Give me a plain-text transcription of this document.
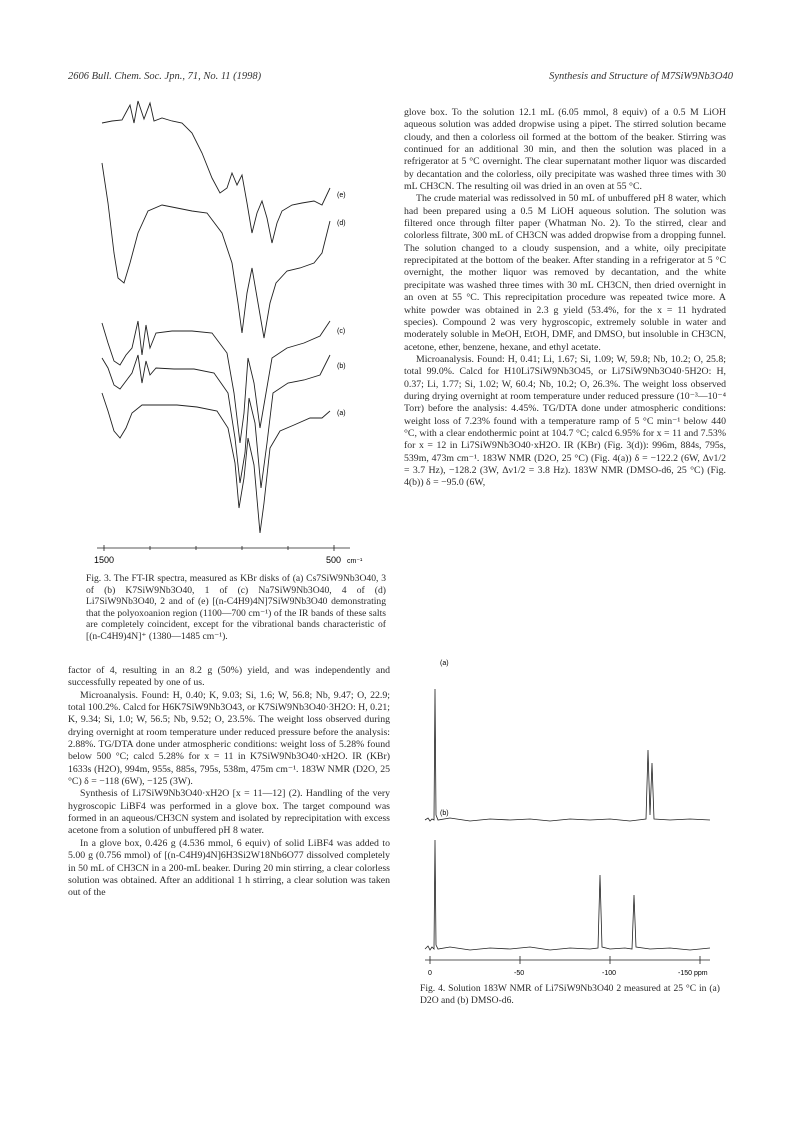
2606 Bull. Chem. Soc. Jpn., 71, No. 11 (1998)	Synthesis and Structure of M7SiW9Nb3O40
(e)
(d)
(c)
(b)
(a)
1500	500 cm⁻¹
Fig. 3. The FT-IR spectra, measured as KBr disks of (a) Cs7SiW9Nb3O40, 3 of (b) K7SiW9Nb3O40, 1 of (c) Na7SiW9Nb3O40, 4 of (d) Li7SiW9Nb3O40, 2 and of (e) [(n-C4H9)4N]7SiW9Nb3O40 demonstrating that the polyoxoanion region (1100—700 cm⁻¹) of the IR bands of these salts are completely coincident, except for the vibrational bands characteristic of [(n-C4H9)4N]⁺ (1380—1485 cm⁻¹).

factor of 4, resulting in an 8.2 g (50%) yield, and was independently and successfully repeated by one of us.

Microanalysis. Found: H, 0.40; K, 9.03; Si, 1.6; W, 56.8; Nb, 9.47; O, 22.9; total 100.2%. Calcd for H6K7SiW9Nb3O43, or K7SiW9Nb3O40·3H2O: H, 0.21; K, 9.34; Si, 1.0; W, 56.5; Nb, 9.52; O, 23.5%. The weight loss observed during drying overnight at room temperature under reduced pressure before the analysis: 2.88%. TG/DTA done under atmospheric conditions: weight loss of 5.28% found below 500 °C; calcd 5.28% for x = 11 in K7SiW9Nb3O40·xH2O. IR (KBr) 1633s (H2O), 994m, 955s, 885s, 795s, 538m, 475m cm⁻¹. 183W NMR (D2O, 25 °C) δ = −118 (6W), −125 (3W).

Synthesis of Li7SiW9Nb3O40·xH2O [x = 11—12] (2). Handling of the very hygroscopic LiBF4 was performed in a glove box. The target compound was formed in an aqueous/CH3CN system and isolated by reprecipitation with excess acetone from a solution of unbuffered pH 8 water.

In a glove box, 0.426 g (4.536 mmol, 6 equiv) of solid LiBF4 was added to 5.00 g (0.756 mmol) of [(n-C4H9)4N]6H3Si2W18Nb6O77 dissolved completely in 50 mL of CH3CN in a 200-mL beaker. During 20 min stirring, a clear colorless solution was obtained. After an additional 1 h stirring, a clear solution was taken out of the

glove box. To the solution 12.1 mL (6.05 mmol, 8 equiv) of a 0.5 M LiOH aqueous solution was added dropwise using a pipet. The stirred solution became cloudy, and then a colorless oil formed at the bottom of the beaker. Stirring was continued for an additional 30 min, and then the solution was placed in a refrigerator at 5 °C overnight. The clear supernatant mother liquor was discarded by decantation and the colorless, oily precipitate was washed three times with 30 mL CH3CN. The resulting oil was dried in an oven at 55 °C.

The crude material was redissolved in 50 mL of unbuffered pH 8 water, which had been prepared using a 0.5 M LiOH aqueous solution. The solution was filtered once through filter paper (Whatman No. 2). To the stirred, clear and colorless filtrate, 300 mL of CH3CN was added dropwise from a dropping funnel. The solution changed to a cloudy suspension, and a white, oily precipitate reprecipitated at the bottom of the beaker. After standing in a refrigerator at 5 °C overnight, the mother liquor was removed by decantation, and the white precipitate was washed three times with 30 mL CH3CN, then dried overnight in an oven at 55 °C. This reprecipitation procedure was repeated twice more. A white powder was obtained in 2.3 g yield (53.4%, for the x = 11 hydrated species). Compound 2 was very hygroscopic, extremely soluble in water and moderately soluble in MeOH, EtOH, DMF, and DMSO, but insoluble in CH3CN, acetone, ether, benzene, hexane, and ethyl acetate.

Microanalysis. Found: H, 0.41; Li, 1.67; Si, 1.09; W, 59.8; Nb, 10.2; O, 25.8; total 99.0%. Calcd for H10Li7SiW9Nb3O45, or Li7SiW9Nb3O40·5H2O: H, 0.37; Li, 1.77; Si, 1.02; W, 60.4; Nb, 10.2; O, 26.3%. The weight loss observed during drying overnight at room temperature under reduced pressure (10⁻³—10⁻⁴ Torr) before the analysis: 4.45%. TG/DTA done under atmospheric conditions: weight loss of 7.23% found with a temperature ramp of 5 °C min⁻¹ below 440 °C, with a clear endothermic point at 104.7 °C; calcd 6.95% for x = 11 and 7.53% for x = 12 in Li7SiW9Nb3O40·xH2O. IR (KBr) (Fig. 3(d)): 996m, 884s, 795s, 539m, 473m cm⁻¹. 183W NMR (D2O, 25 °C) (Fig. 4(a)) δ = −122.2 (6W, Δν1/2 = 3.7 Hz), −128.2 (3W, Δν1/2 = 3.8 Hz). 183W NMR (DMSO-d6, 25 °C) (Fig. 4(b)) δ = −95.0 (6W,

(a)
(b)
0	-50	-100	-150 ppm
Fig. 4. Solution 183W NMR of Li7SiW9Nb3O40 2 measured at 25 °C in (a) D2O and (b) DMSO-d6.
